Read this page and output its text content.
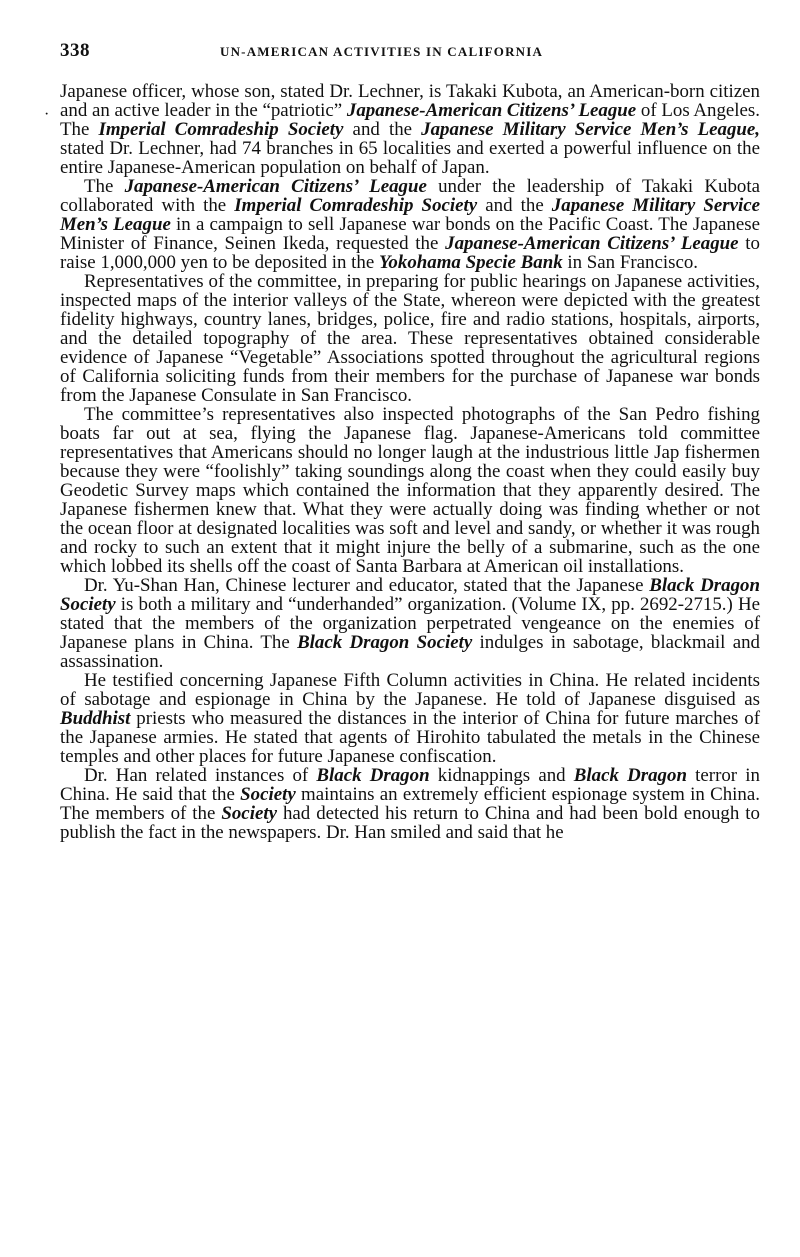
338	UN-AMERICAN ACTIVITIES IN CALIFORNIA
·

Japanese officer, whose son, stated Dr. Lechner, is Takaki Kubota, an American-born citizen and an active leader in the “patriotic” Japanese-American Citizens’ League of Los Angeles. The Imperial Comradeship Society and the Japanese Military Service Men’s League, stated Dr. Lechner, had 74 branches in 65 localities and exerted a powerful influence on the entire Japanese-American population on behalf of Japan.

The Japanese-American Citizens’ League under the leadership of Takaki Kubota collaborated with the Imperial Comradeship Society and the Japanese Military Service Men’s League in a campaign to sell Japanese war bonds on the Pacific Coast. The Japanese Minister of Finance, Seinen Ikeda, requested the Japanese-American Citizens’ League to raise 1,000,000 yen to be deposited in the Yokohama Specie Bank in San Francisco.

Representatives of the committee, in preparing for public hearings on Japanese activities, inspected maps of the interior valleys of the State, whereon were depicted with the greatest fidelity highways, country lanes, bridges, police, fire and radio stations, hospitals, airports, and the detailed topography of the area. These representatives obtained considerable evidence of Japanese “Vegetable” Associations spotted throughout the agricultural regions of California soliciting funds from their members for the purchase of Japanese war bonds from the Japanese Consulate in San Francisco.

The committee’s representatives also inspected photographs of the San Pedro fishing boats far out at sea, flying the Japanese flag. Japanese-Americans told committee representatives that Americans should no longer laugh at the industrious little Jap fishermen because they were “foolishly” taking soundings along the coast when they could easily buy Geodetic Survey maps which contained the information that they apparently desired. The Japanese fishermen knew that. What they were actually doing was finding whether or not the ocean floor at designated localities was soft and level and sandy, or whether it was rough and rocky to such an extent that it might injure the belly of a submarine, such as the one which lobbed its shells off the coast of Santa Barbara at American oil installations.

Dr. Yu-Shan Han, Chinese lecturer and educator, stated that the Japanese Black Dragon Society is both a military and “underhanded” organization. (Volume IX, pp. 2692-2715.) He stated that the members of the organization perpetrated vengeance on the enemies of Japanese plans in China. The Black Dragon Society indulges in sabotage, blackmail and assassination.

He testified concerning Japanese Fifth Column activities in China. He related incidents of sabotage and espionage in China by the Japanese. He told of Japanese disguised as Buddhist priests who measured the distances in the interior of China for future marches of the Japanese armies. He stated that agents of Hirohito tabulated the metals in the Chinese temples and other places for future Japanese confiscation.

Dr. Han related instances of Black Dragon kidnappings and Black Dragon terror in China. He said that the Society maintains an extremely efficient espionage system in China. The members of the Society had detected his return to China and had been bold enough to publish the fact in the newspapers. Dr. Han smiled and said that he
